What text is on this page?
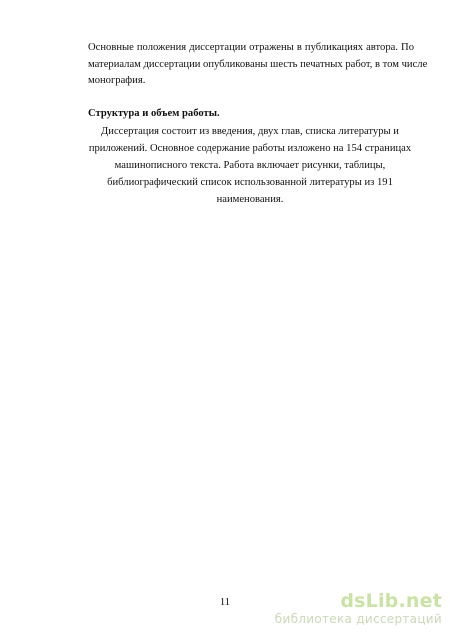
Основные положения диссертации отражены в публикациях автора. По
материалам диссертации опубликованы шесть печатных работ, в том числе
монография.
Структура и объем работы.
Диссертация состоит из введения, двух глав, списка литературы и
приложений. Основное содержание работы изложено на 154 страницах
машинописного текста. Работа включает рисунки, таблицы,
библиографический список использованной литературы из 191
наименования.
11	dsLib.net
библиотека диссертаций
